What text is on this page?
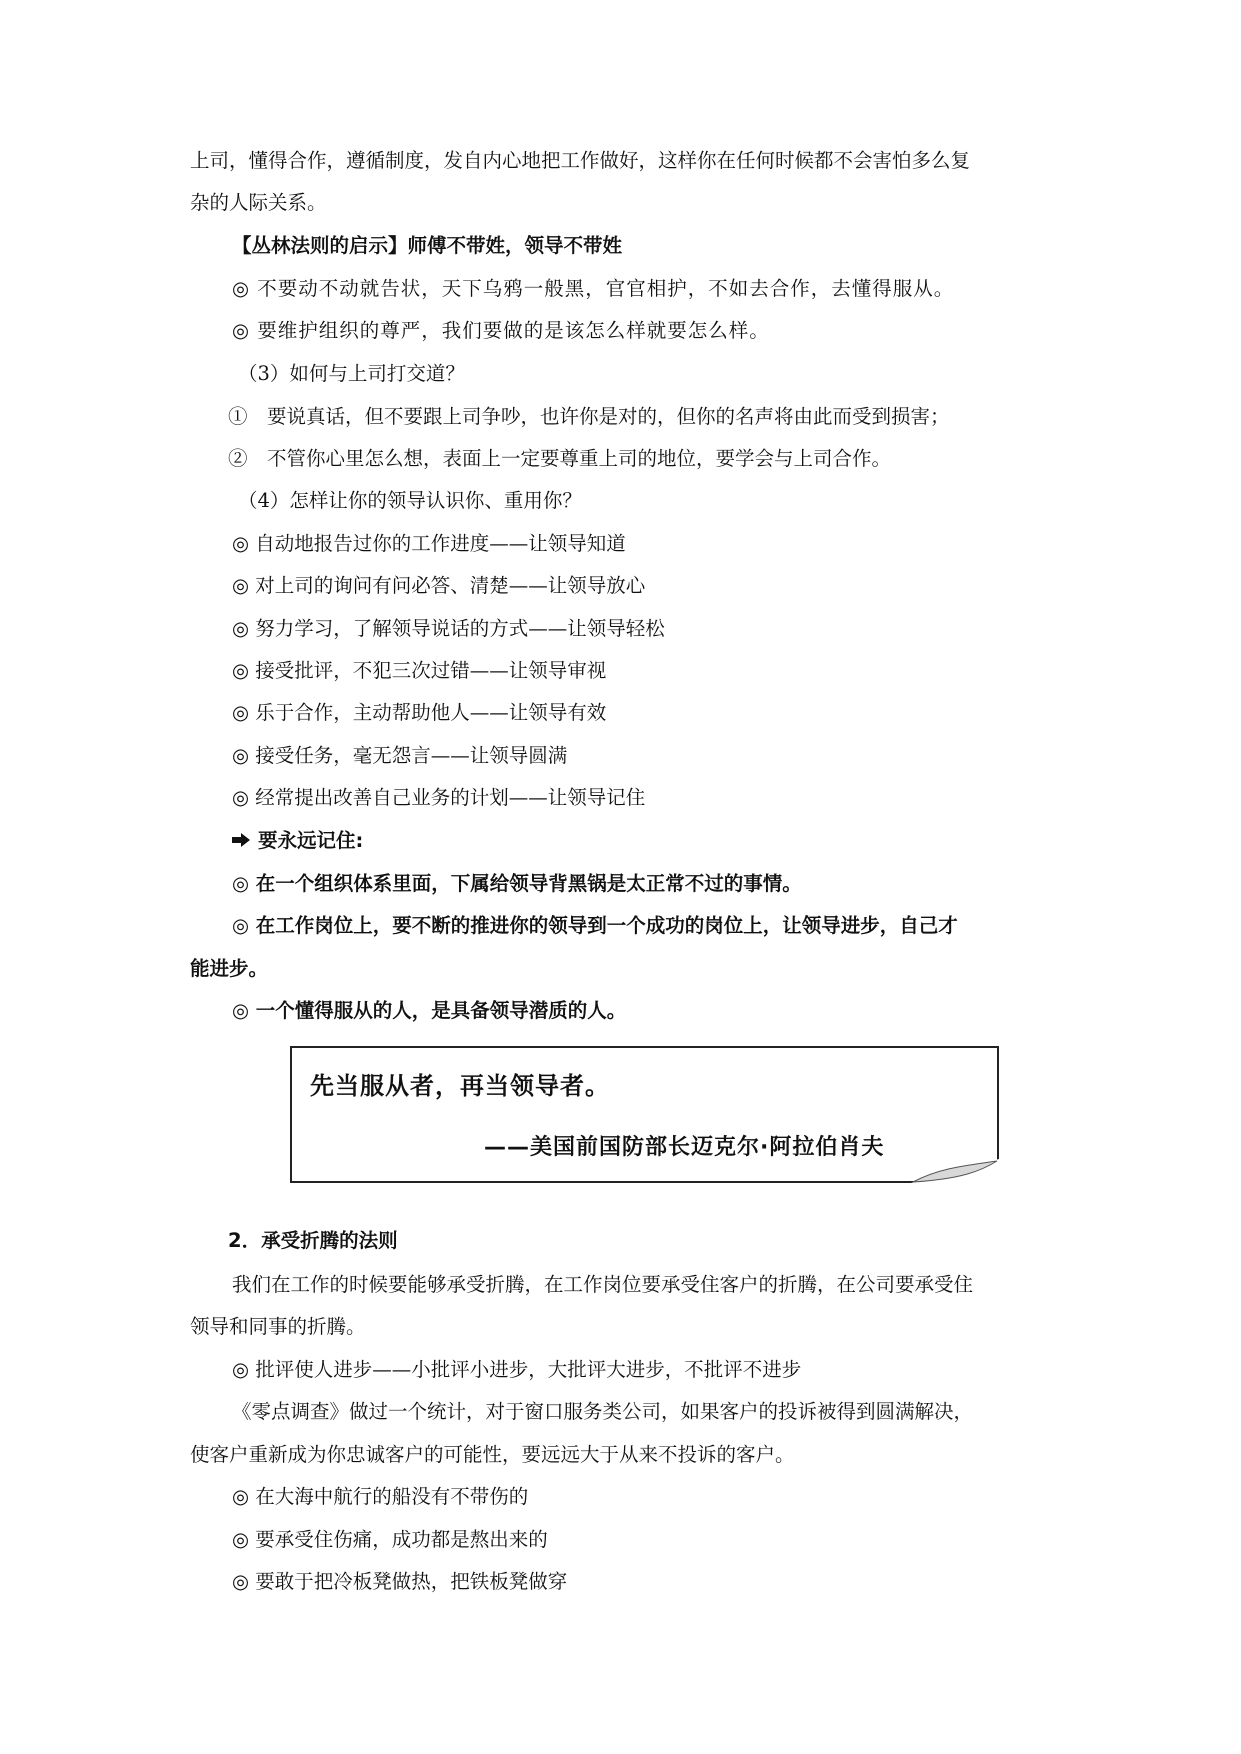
上司，懂得合作，遵循制度，发自内心地把工作做好，这样你在任何时候都不会害怕多么复
杂的人际关系。
【丛林法则的启示】师傅不带姓，领导不带姓
◎ 不要动不动就告状，天下乌鸦一般黑，官官相护，不如去合作，去懂得服从。
◎ 要维护组织的尊严，我们要做的是该怎么样就要怎么样。
（3）如何与上司打交道？
①　要说真话，但不要跟上司争吵，也许你是对的，但你的名声将由此而受到损害；
②　不管你心里怎么想，表面上一定要尊重上司的地位，要学会与上司合作。
（4）怎样让你的领导认识你、重用你？
◎ 自动地报告过你的工作进度——让领导知道
◎ 对上司的询问有问必答、清楚——让领导放心
◎ 努力学习，了解领导说话的方式——让领导轻松
◎ 接受批评，不犯三次过错——让领导审视
◎ 乐于合作，主动帮助他人——让领导有效
◎ 接受任务，毫无怨言——让领导圆满
◎ 经常提出改善自己业务的计划——让领导记住
要永远记住:
◎ 在一个组织体系里面，下属给领导背黑锅是太正常不过的事情。
◎ 在工作岗位上，要不断的推进你的领导到一个成功的岗位上，让领导进步，自己才
能进步。
◎ 一个懂得服从的人，是具备领导潜质的人。
先当服从者，再当领导者。
——美国前国防部长迈克尔·阿拉伯肖夫
2．承受折腾的法则
我们在工作的时候要能够承受折腾，在工作岗位要承受住客户的折腾，在公司要承受住
领导和同事的折腾。
◎ 批评使人进步——小批评小进步，大批评大进步，不批评不进步
《零点调查》做过一个统计，对于窗口服务类公司，如果客户的投诉被得到圆满解决，
使客户重新成为你忠诚客户的可能性，要远远大于从来不投诉的客户。
◎ 在大海中航行的船没有不带伤的
◎ 要承受住伤痛，成功都是熬出来的
◎ 要敢于把冷板凳做热，把铁板凳做穿
